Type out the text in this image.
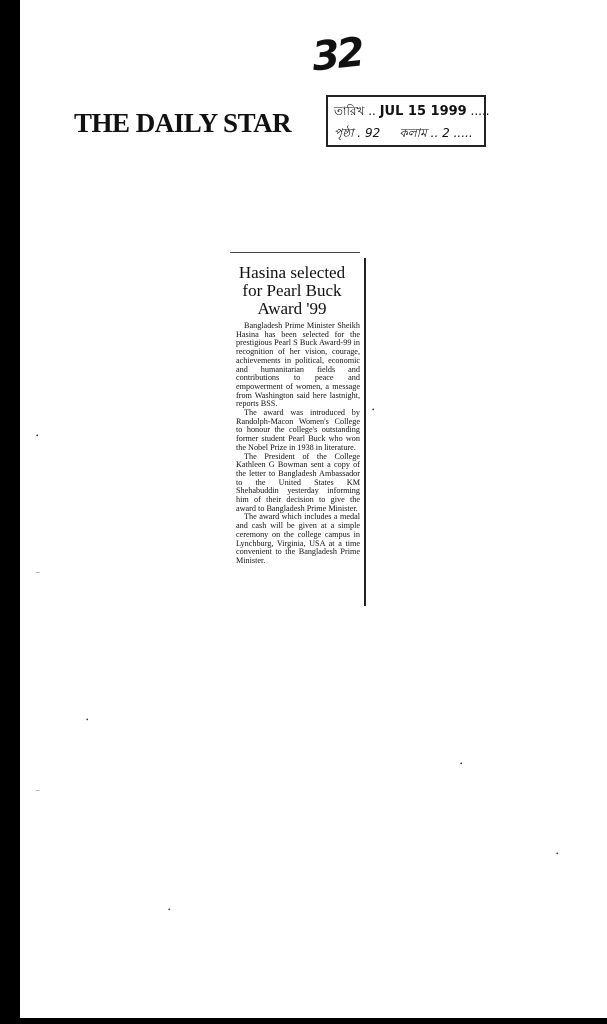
32
THE DAILY STAR	তারিখ .. JUL 15 1999 .....
পৃষ্ঠা . 92 কলাম .. 2 .....
Hasina selected for Pearl Buck Award '99

Bangladesh Prime Minister Sheikh Hasina has been selected for the prestigious Pearl S Buck Award-99 in recognition of her vision, courage, achievements in political, economic and humanitarian fields and contributions to peace and empowerment of women, a message from Washington said here lastnight, reports BSS.

The award was introduced by Randolph-Macon Women's College to honour the college's outstanding former student Pearl Buck who won the Nobel Prize in 1938 in literature.

The President of the College Kathleen G Bowman sent a copy of the letter to Bangladesh Ambassador to the United States KM Shehabuddin yesterday informing him of their decision to give the award to Bangladesh Prime Minister.

The award which includes a medal and cash will be given at a simple ceremony on the college campus in Lynchburg, Virginia, USA at a time convenient to the Bangladesh Prime Minister.

•
–
–
•
•
•
•
•
